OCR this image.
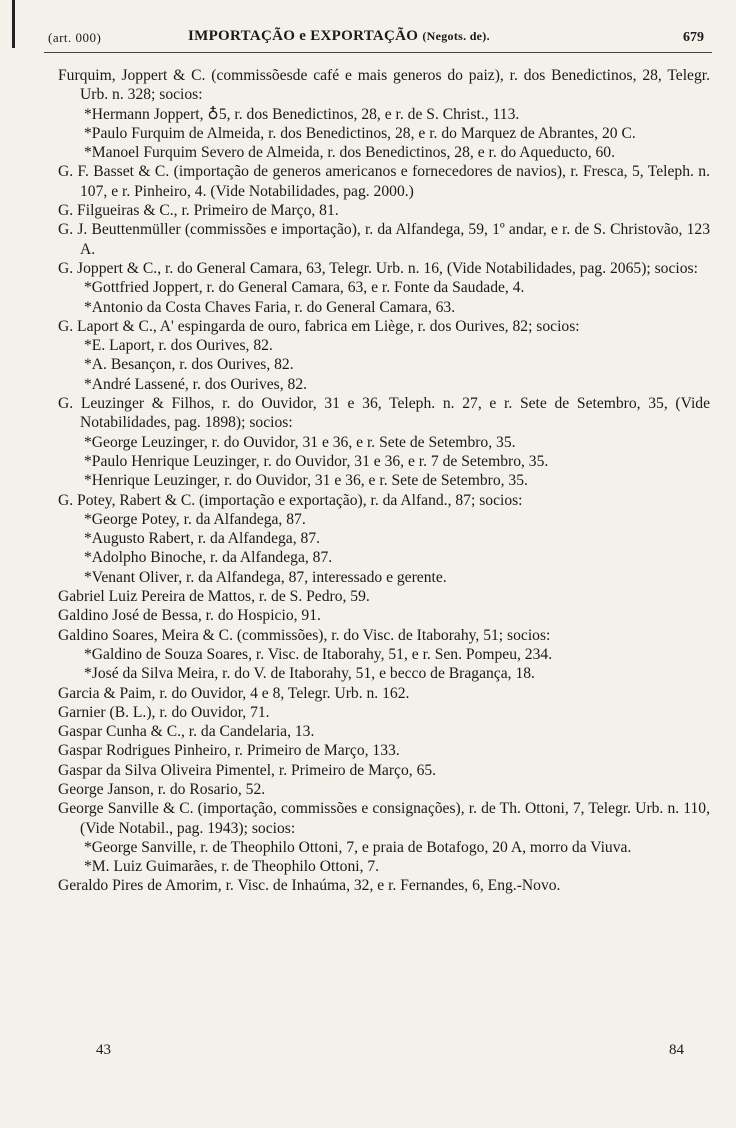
(art. 000)	IMPORTAÇÃO e EXPORTAÇÃO (Negots. de).	679
Furquim, Joppert & C. (commissõesde café e mais generos do paiz), r. dos Benedictinos, 28, Telegr. Urb. n. 328; socios:
*Hermann Joppert, ♁5, r. dos Benedictinos, 28, e r. de S. Christ., 113.
*Paulo Furquim de Almeida, r. dos Benedictinos, 28, e r. do Marquez de Abrantes, 20 C.
*Manoel Furquim Severo de Almeida, r. dos Benedictinos, 28, e r. do Aqueducto, 60.
G. F. Basset & C. (importação de generos americanos e fornecedores de navios), r. Fresca, 5, Teleph. n. 107, e r. Pinheiro, 4. (Vide Notabilidades, pag. 2000.)
G. Filgueiras & C., r. Primeiro de Março, 81.
G. J. Beuttenmüller (commissões e importação), r. da Alfandega, 59, 1º andar, e r. de S. Christovão, 123 A.
G. Joppert & C., r. do General Camara, 63, Telegr. Urb. n. 16, (Vide Notabilidades, pag. 2065); socios:
*Gottfried Joppert, r. do General Camara, 63, e r. Fonte da Saudade, 4.
*Antonio da Costa Chaves Faria, r. do General Camara, 63.
G. Laport & C., A' espingarda de ouro, fabrica em Liège, r. dos Ourives, 82; socios:
*E. Laport, r. dos Ourives, 82.
*A. Besançon, r. dos Ourives, 82.
*André Lassené, r. dos Ourives, 82.
G. Leuzinger & Filhos, r. do Ouvidor, 31 e 36, Teleph. n. 27, e r. Sete de Setembro, 35, (Vide Notabilidades, pag. 1898); socios:
*George Leuzinger, r. do Ouvidor, 31 e 36, e r. Sete de Setembro, 35.
*Paulo Henrique Leuzinger, r. do Ouvidor, 31 e 36, e r. 7 de Setembro, 35.
*Henrique Leuzinger, r. do Ouvidor, 31 e 36, e r. Sete de Setembro, 35.
G. Potey, Rabert & C. (importação e exportação), r. da Alfand., 87; socios:
*George Potey, r. da Alfandega, 87.
*Augusto Rabert, r. da Alfandega, 87.
*Adolpho Binoche, r. da Alfandega, 87.
*Venant Oliver, r. da Alfandega, 87, interessado e gerente.
Gabriel Luiz Pereira de Mattos, r. de S. Pedro, 59.
Galdino José de Bessa, r. do Hospicio, 91.
Galdino Soares, Meira & C. (commissões), r. do Visc. de Itaborahy, 51; socios:
*Galdino de Souza Soares, r. Visc. de Itaborahy, 51, e r. Sen. Pompeu, 234.
*José da Silva Meira, r. do V. de Itaborahy, 51, e becco de Bragança, 18.
Garcia & Paim, r. do Ouvidor, 4 e 8, Telegr. Urb. n. 162.
Garnier (B. L.), r. do Ouvidor, 71.
Gaspar Cunha & C., r. da Candelaria, 13.
Gaspar Rodrigues Pinheiro, r. Primeiro de Março, 133.
Gaspar da Silva Oliveira Pimentel, r. Primeiro de Março, 65.
George Janson, r. do Rosario, 52.
George Sanville & C. (importação, commissões e consignações), r. de Th. Ottoni, 7, Telegr. Urb. n. 110, (Vide Notabil., pag. 1943); socios:
*George Sanville, r. de Theophilo Ottoni, 7, e praia de Botafogo, 20 A, morro da Viuva.
*M. Luiz Guimarães, r. de Theophilo Ottoni, 7.
Geraldo Pires de Amorim, r. Visc. de Inhaúma, 32, e r. Fernandes, 6, Eng.-Novo.
43	84
